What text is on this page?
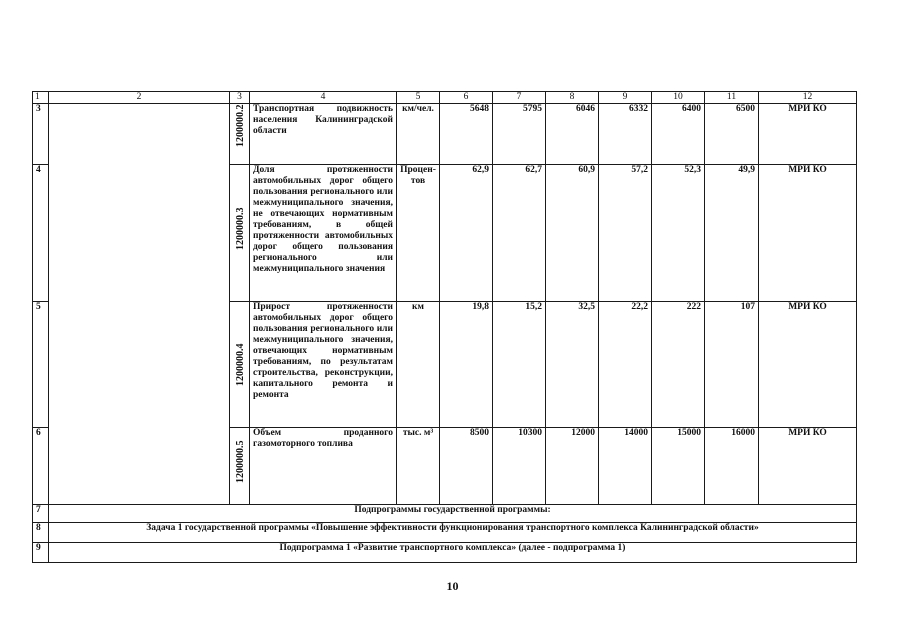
1	2	3	4	5	6	7	8	9	10	11	12
3		1200000.2	Транспортная подвижность населения Калининградской области	км/чел.	5648	5795	6046	6332	6400	6500	МРИ КО
4		1200000.3	Доля протяженности автомобильных дорог общего пользования регионального или межмуниципального значения, не отвечающих нормативным требованиям, в общей протяженности автомобильных дорог общего пользования регионального или межмуниципального значения	Процен-тов	62,9	62,7	60,9	57,2	52,3	49,9	МРИ КО
5		1200000.4	Прирост протяженности автомобильных дорог общего пользования регионального или межмуниципального значения, отвечающих нормативным требованиям, по результатам строительства, реконструкции, капитального ремонта и ремонта	км	19,8	15,2	32,5	22,2	222	107	МРИ КО
6		1200000.5	Объем проданного газомоторного топлива	тыс. м³	8500	10300	12000	14000	15000	16000	МРИ КО
7	Подпрограммы государственной программы:										
8	Задача 1 государственной программы «Повышение эффективности функционирования транспортного комплекса Калининградской области»										
9	Подпрограмма 1 «Развитие транспортного комплекса» (далее - подпрограмма 1)										
10
